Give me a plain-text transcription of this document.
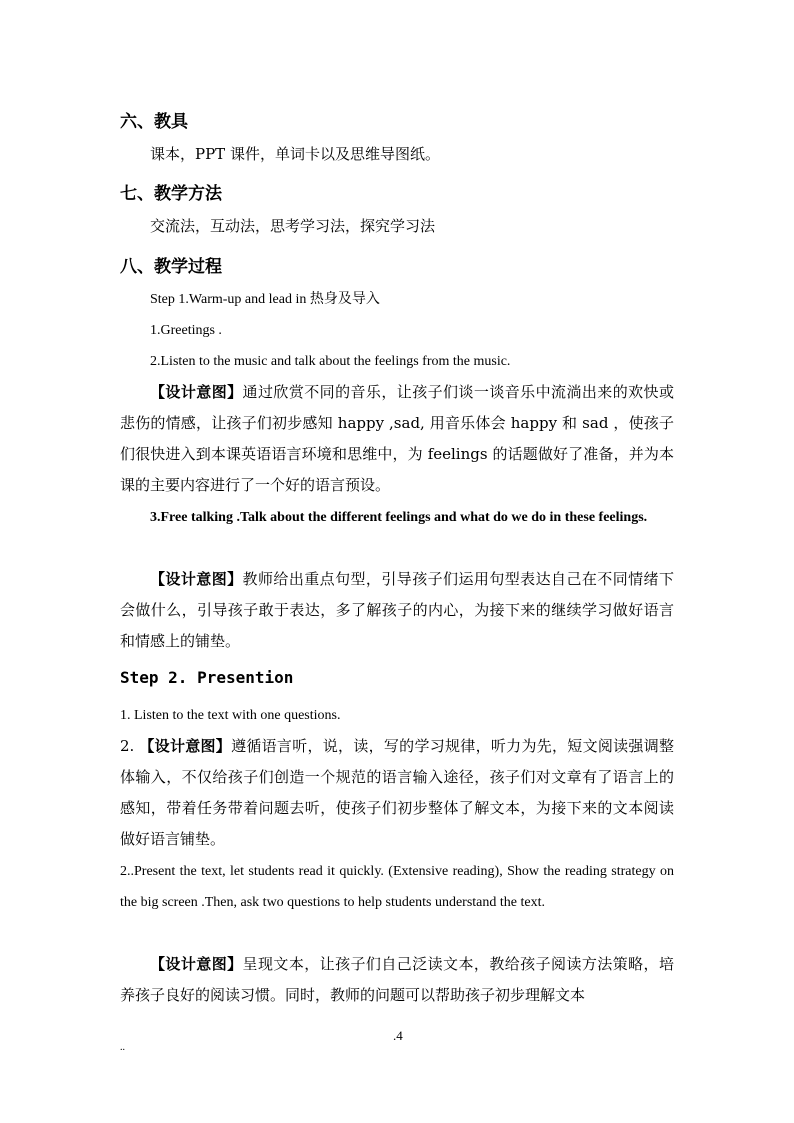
六、教具
课本，PPT 课件，单词卡以及思维导图纸。
七、教学方法
交流法，互动法，思考学习法，探究学习法
八、教学过程
Step 1.Warm-up and lead in 热身及导入
1.Greetings .
2.Listen to the music and talk about the feelings from the music.
【设计意图】通过欣赏不同的音乐，让孩子们谈一谈音乐中流淌出来的欢快或悲伤的情感，让孩子们初步感知 happy ,sad, 用音乐体会 happy 和 sad ，使孩子们很快进入到本课英语语言环境和思维中，为 feelings 的话题做好了准备，并为本课的主要内容进行了一个好的语言预设。
3.Free talking .Talk about the different feelings and what do we do in these feelings.
【设计意图】教师给出重点句型，引导孩子们运用句型表达自己在不同情绪下会做什么，引导孩子敢于表达，多了解孩子的内心，为接下来的继续学习做好语言和情感上的铺垫。
Step 2. Presention
1. Listen to the text with one questions.
2. 【设计意图】遵循语言听，说，读，写的学习规律，听力为先，短文阅读强调整体输入，不仅给孩子们创造一个规范的语言输入途径，孩子们对文章有了语言上的感知，带着任务带着问题去听，使孩子们初步整体了解文本，为接下来的文本阅读做好语言铺垫。
2..Present the text, let students read it quickly. (Extensive reading), Show the reading strategy on the big screen .Then, ask two questions to help students understand the text.
【设计意图】呈现文本，让孩子们自己泛读文本，教给孩子阅读方法策略，培养孩子良好的阅读习惯。同时，教师的问题可以帮助孩子初步理解文本
.4
..
